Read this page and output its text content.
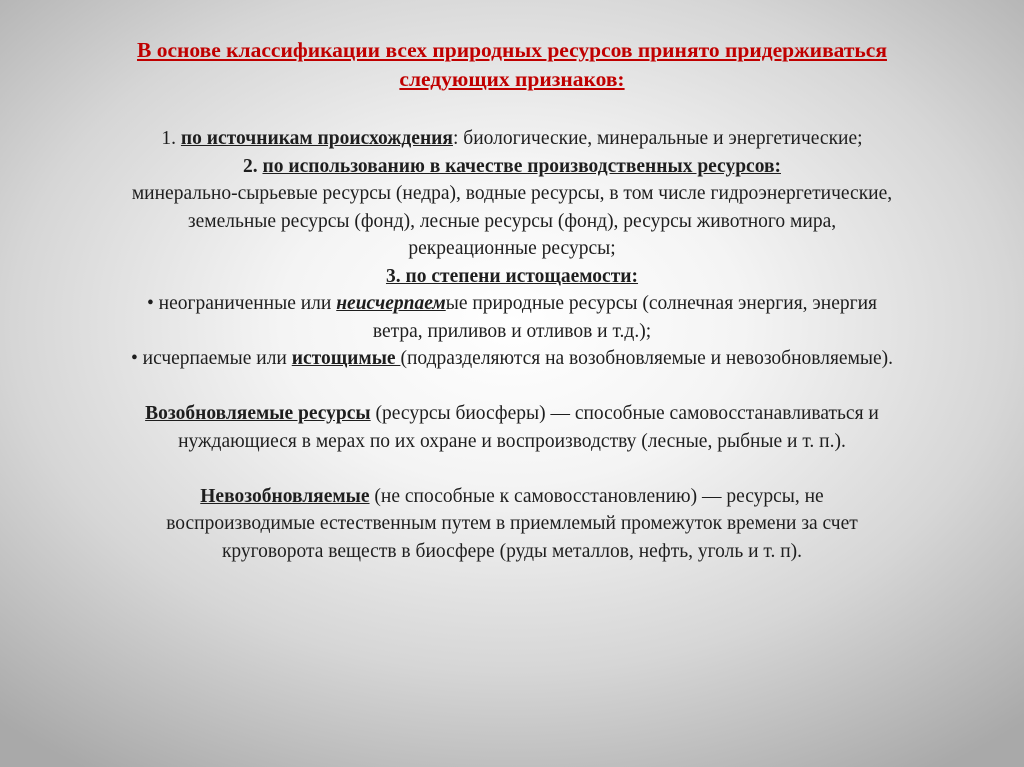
В основе классификации всех природных ресурсов принято придерживаться
следующих признаков:
1. по источникам происхождения: биологические, минеральные и энергетические;
2. по использованию в качестве производственных ресурсов:
минерально-сырьевые ресурсы (недра), водные ресурсы, в том числе гидроэнергетические,
земельные ресурсы (фонд), лесные ресурсы (фонд), ресурсы животного мира,
рекреационные ресурсы;
3. по степени истощаемости:
• неограниченные или неисчерпаемые природные ресурсы (солнечная энергия, энергия
ветра, приливов и отливов и т.д.);
• исчерпаемые или истощимые (подразделяются на возобновляемые и невозобновляемые).
Возобновляемые ресурсы (ресурсы биосферы) — способные самовосстанавливаться и
нуждающиеся в мерах по их охране и воспроизводству (лесные, рыбные и т. п.).
Невозобновляемые (не способные к самовосстановлению) — ресурсы, не
воспроизводимые естественным путем в приемлемый промежуток времени за счет
круговорота веществ в биосфере (руды металлов, нефть, уголь и т. п).
